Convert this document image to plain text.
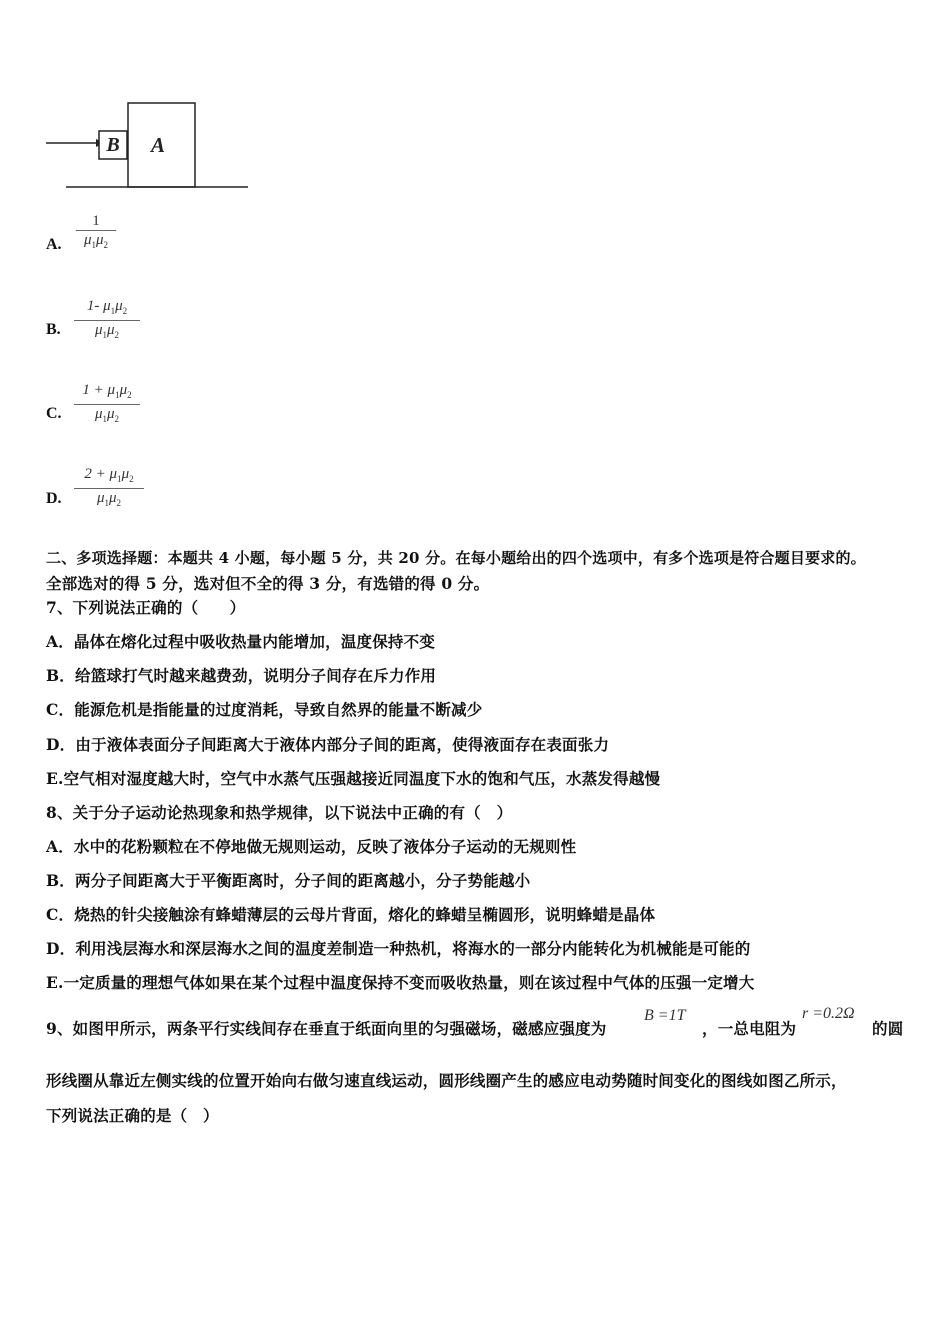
B A
A.
1
$\mu_1\mu_2$
B.
1- $\mu_1\mu_2$
$\mu_1\mu_2$
C.
$1 + \mu_1\mu_2$
$\mu_1\mu_2$
D.
$2 + \mu_1\mu_2$
$\mu_1\mu_2$
二、多项选择题：本题共 4 小题，每小题 5 分，共 20 分。在每小题给出的四个选项中，有多个选项是符合题目要求的。
全部选对的得 5 分，选对但不全的得 3 分，有选错的得 0 分。
7、下列说法正确的（　　）
A．晶体在熔化过程中吸收热量内能增加，温度保持不变
B．给篮球打气时越来越费劲，说明分子间存在斥力作用
C．能源危机是指能量的过度消耗，导致自然界的能量不断减少
D．由于液体表面分子间距离大于液体内部分子间的距离，使得液面存在表面张力
E.空气相对湿度越大时，空气中水蒸气压强越接近同温度下水的饱和气压，水蒸发得越慢
8、关于分子运动论热现象和热学规律，以下说法中正确的有（　）
A．水中的花粉颗粒在不停地做无规则运动，反映了液体分子运动的无规则性
B．两分子间距离大于平衡距离时，分子间的距离越小，分子势能越小
C．烧热的针尖接触涂有蜂蜡薄层的云母片背面，熔化的蜂蜡呈椭圆形，说明蜂蜡是晶体
D．利用浅层海水和深层海水之间的温度差制造一种热机，将海水的一部分内能转化为机械能是可能的
E.一定质量的理想气体如果在某个过程中温度保持不变而吸收热量，则在该过程中气体的压强一定增大
9、如图甲所示，两条平行实线间存在垂直于纸面向里的匀强磁场，磁感应强度为
B =1T
，一总电阻为
r =0.2Ω
的圆
形线圈从靠近左侧实线的位置开始向右做匀速直线运动，圆形线圈产生的感应电动势随时间变化的图线如图乙所示，
下列说法正确的是（　）
